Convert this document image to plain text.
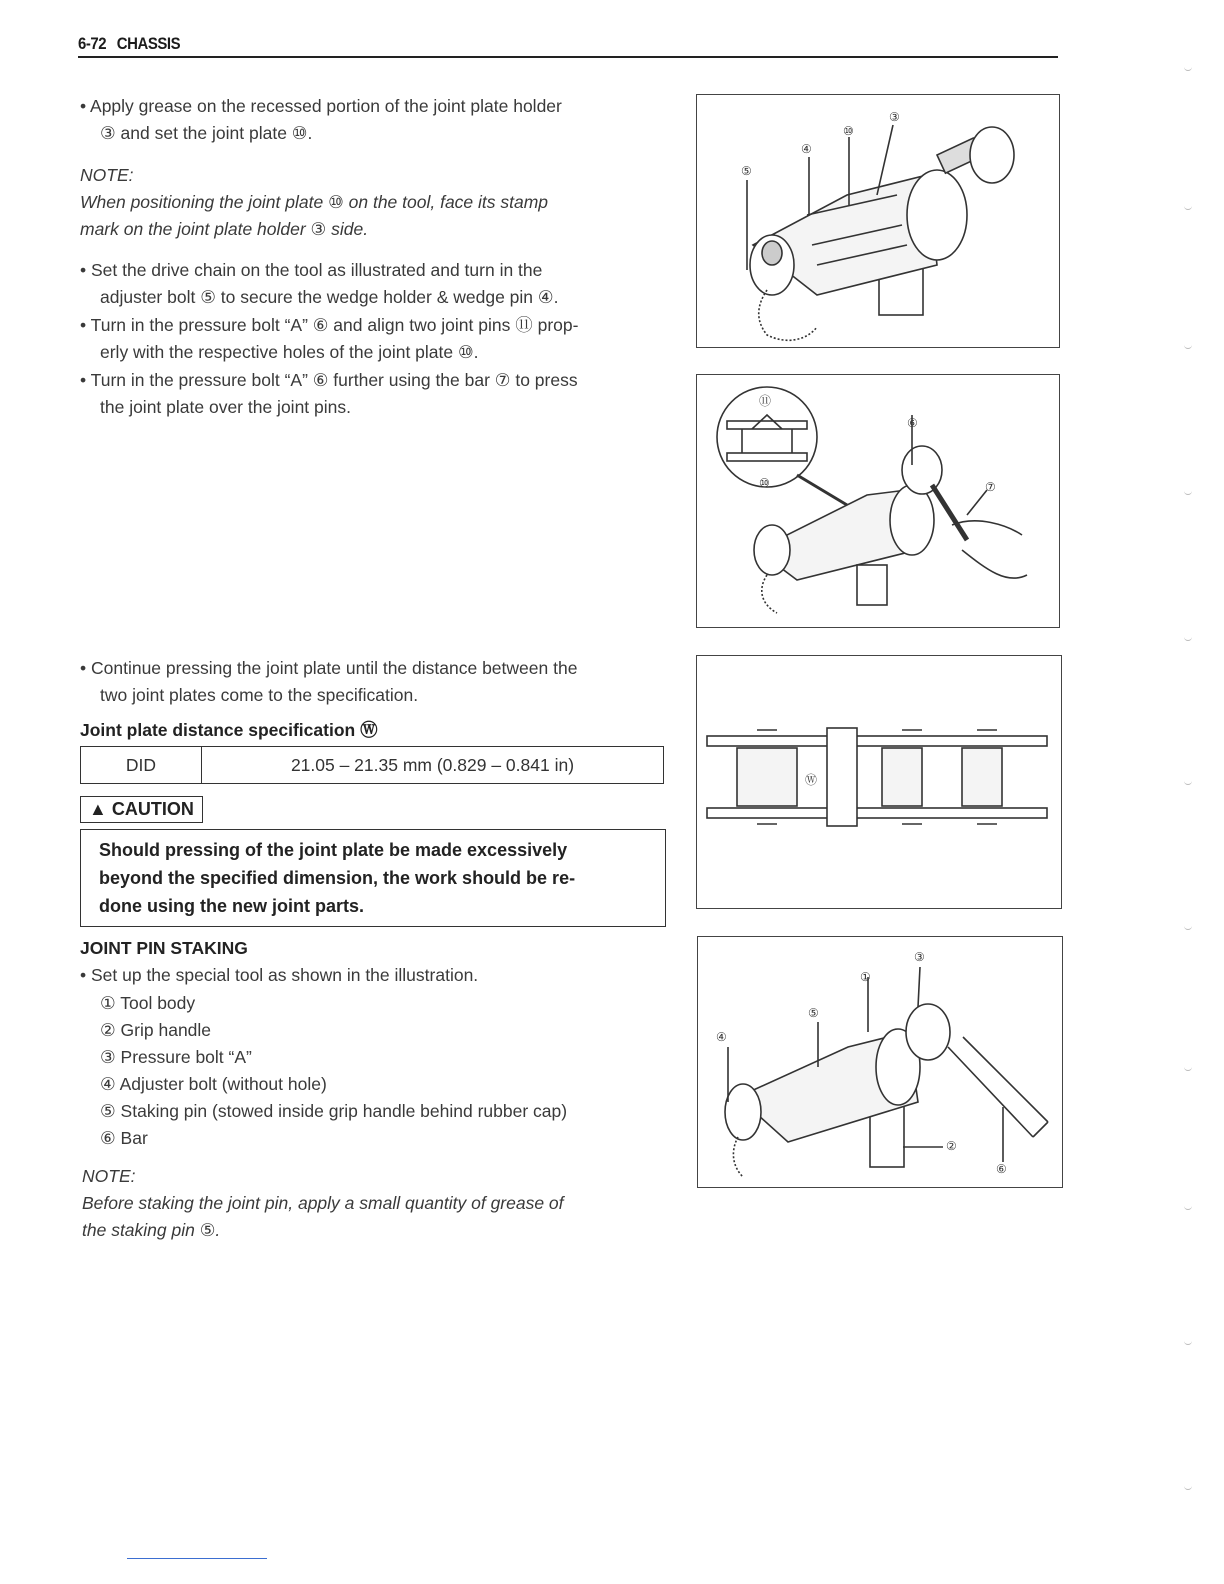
6-72 CHASSIS
• Apply grease on the recessed portion of the joint plate holder
③ and set the joint plate ⑩.
NOTE:
When positioning the joint plate ⑩ on the tool, face its stamp
mark on the joint plate holder ③ side.
• Set the drive chain on the tool as illustrated and turn in the
adjuster bolt ⑤ to secure the wedge holder & wedge pin ④.
• Turn in the pressure bolt “A” ⑥ and align two joint pins ⑪ prop-
erly with the respective holes of the joint plate ⑩.
• Turn in the pressure bolt “A” ⑥ further using the bar ⑦ to press
the joint plate over the joint pins.
• Continue pressing the joint plate until the distance between the
two joint plates come to the specification.
Joint plate distance specification Ⓦ
DID	21.05 – 21.35 mm (0.829 – 0.841 in)
▲ CAUTION
Should pressing of the joint plate be made excessively
beyond the specified dimension, the work should be re-
done using the new joint parts.
JOINT PIN STAKING
• Set up the special tool as shown in the illustration.
① Tool body
② Grip handle
③ Pressure bolt “A”
④ Adjuster bolt (without hole)
⑤ Staking pin (stowed inside grip handle behind rubber cap)
⑥ Bar
NOTE:
Before staking the joint pin, apply a small quantity of grease of
the staking pin ⑤.
⑤
④
⑩
③
⑪
⑩
⑥
⑦
Ⓦ
③
①
⑤
④
②
⑥
